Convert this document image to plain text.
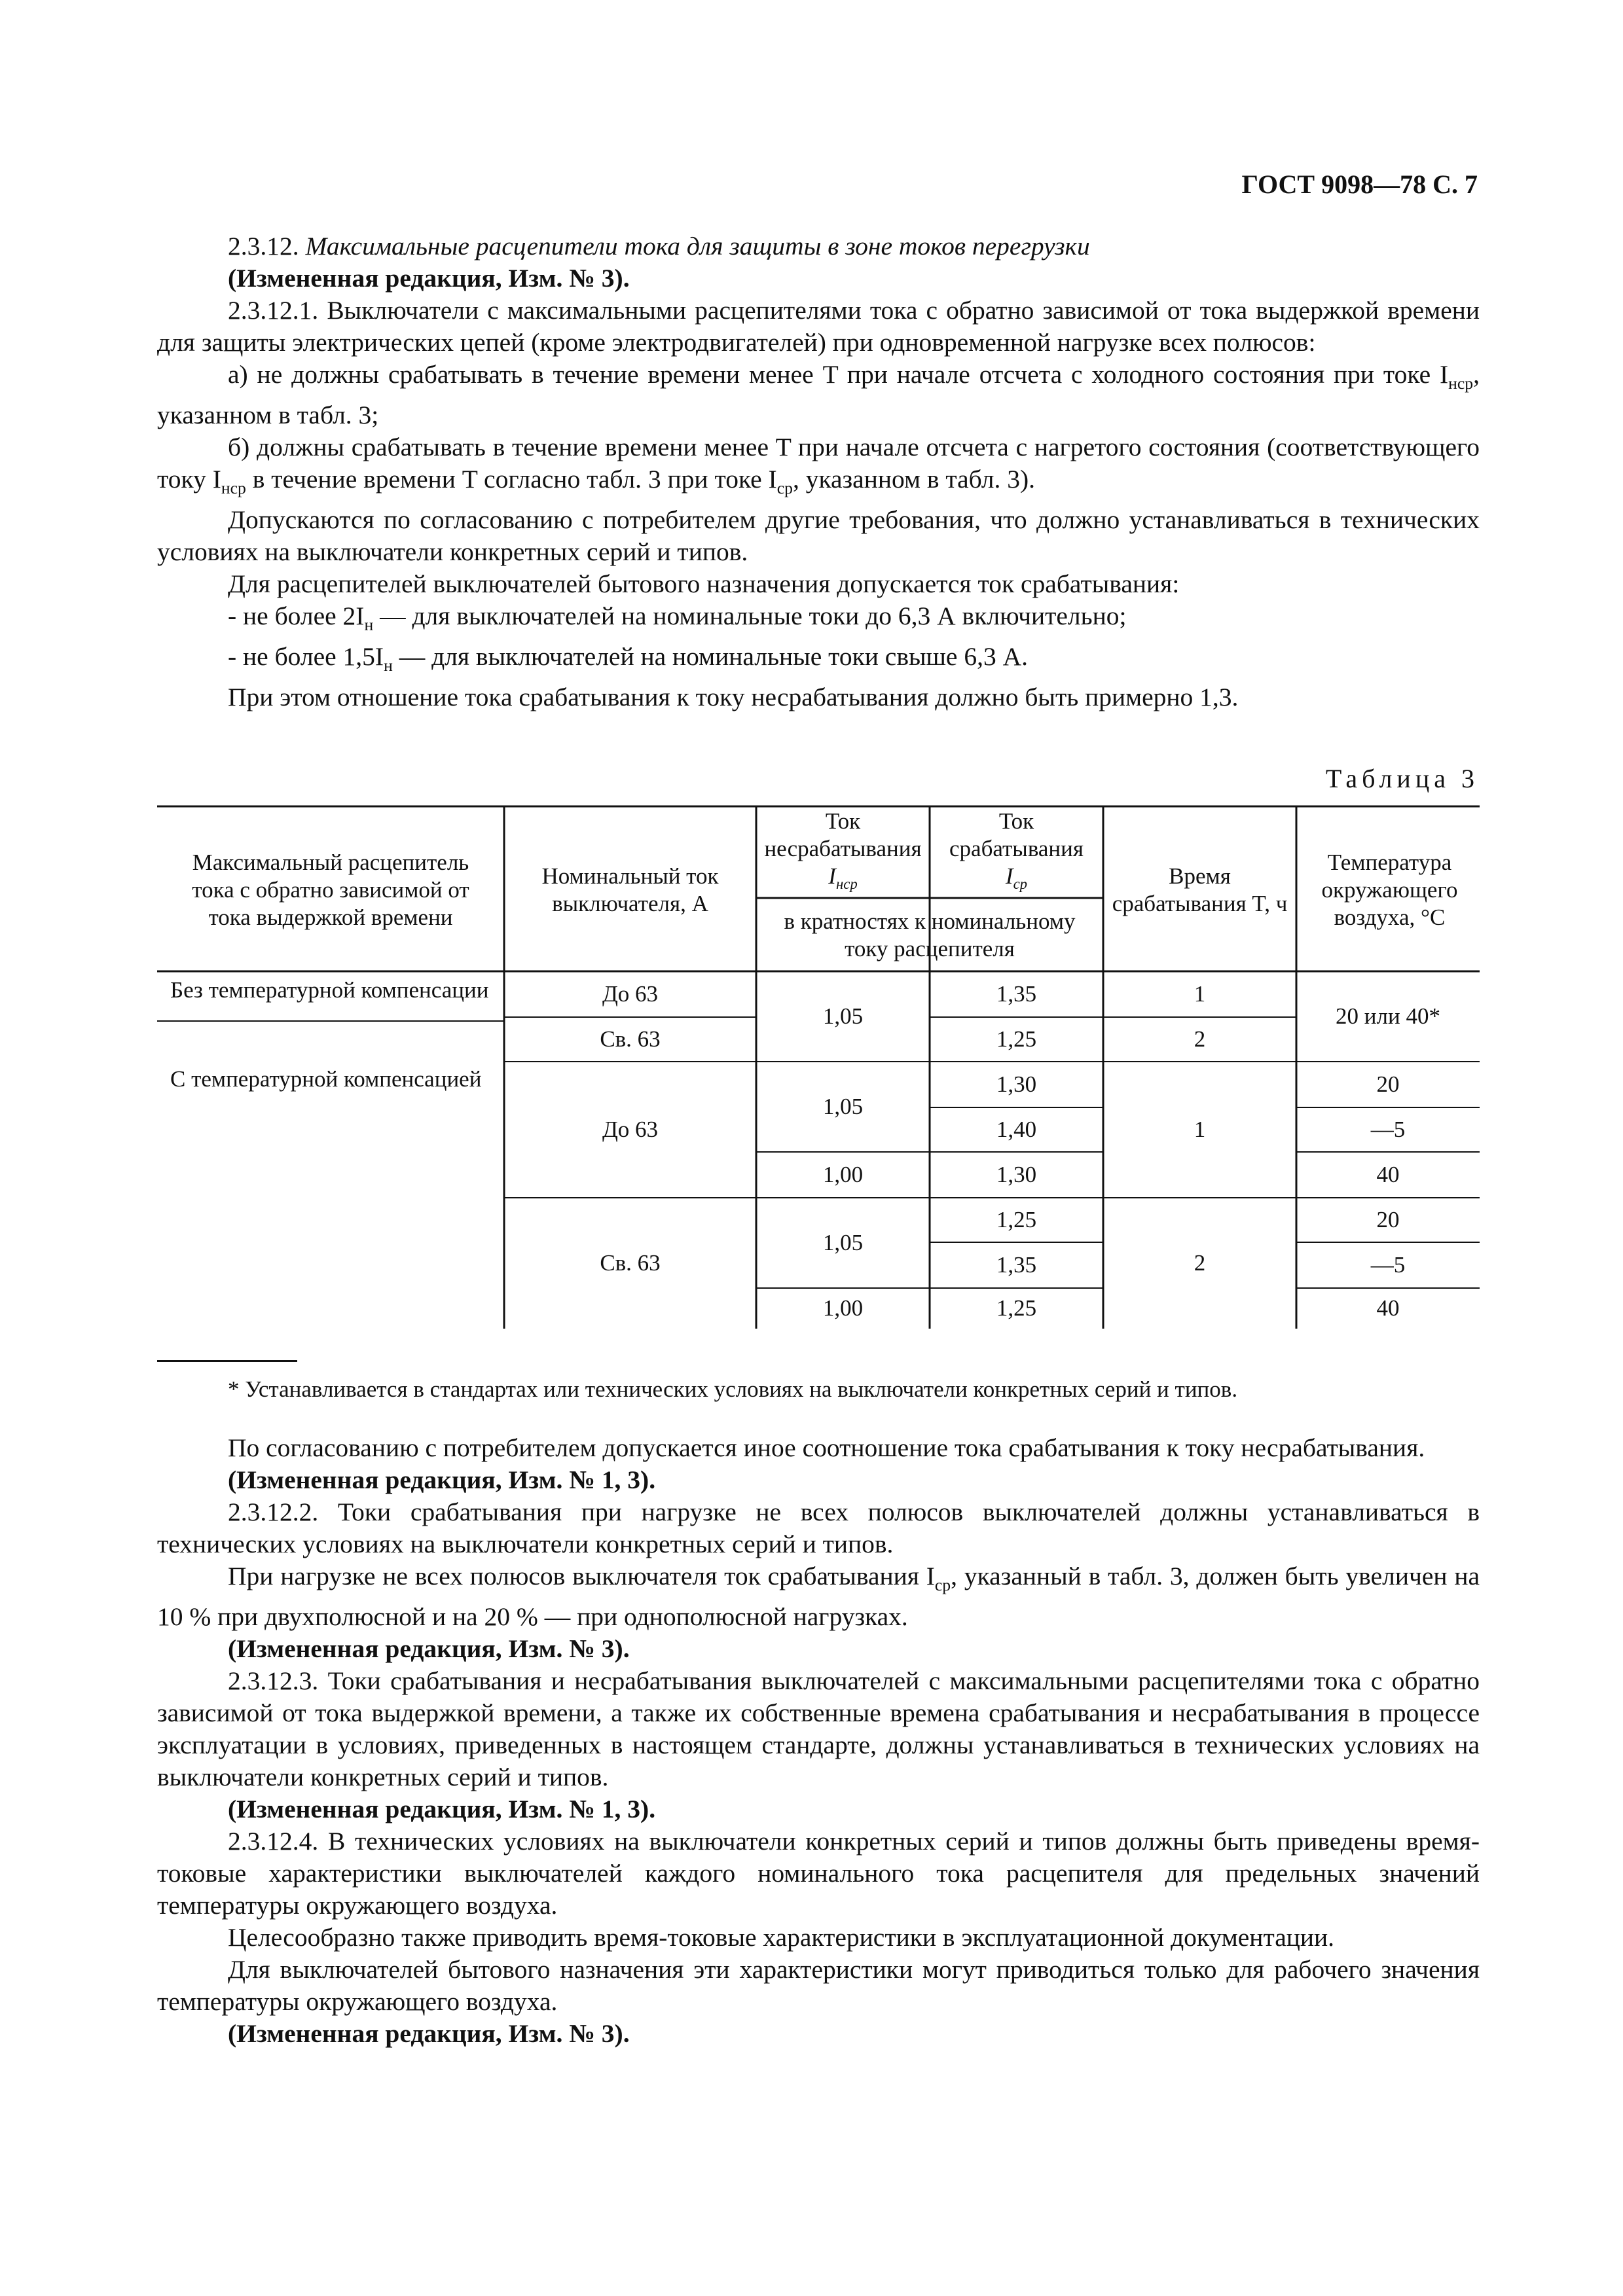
ГОСТ 9098—78 С. 7

2.3.12. Максимальные расцепители тока для защиты в зоне токов перегрузки

(Измененная редакция, Изм. № 3).

2.3.12.1. Выключатели с максимальными расцепителями тока с обратно зависимой от тока выдержкой времени для защиты электрических цепей (кроме электродвигателей) при одновременной нагрузке всех полюсов:

а) не должны срабатывать в течение времени менее T при начале отсчета с холодного состояния при токе $I_{нср}$, указанном в табл. 3;

б) должны срабатывать в течение времени менее T при начале отсчета с нагретого состояния (соответствующего току $I_{нср}$ в течение времени T согласно табл. 3 при токе $I_{ср}$, указанном в табл. 3).

Допускаются по согласованию с потребителем другие требования, что должно устанавливаться в технических условиях на выключатели конкретных серий и типов.

Для расцепителей выключателей бытового назначения допускается ток срабатывания:

- не более $2I_н$ — для выключателей на номинальные токи до 6,3 А включительно;

- не более $1,5I_н$ — для выключателей на номинальные токи свыше 6,3 А.

При этом отношение тока срабатывания к току несрабатывания должно быть примерно 1,3.

Таблица 3
Максимальный расцепитель тока с обратно зависимой от тока выдержкой времени
Номинальный ток выключателя, А
Ток несрабатывания
$I_{нср}$
Ток срабатывания
$I_{ср}$
в кратностях к номинальному току расцепителя
Время срабатывания T, ч
Температура окружающего воздуха, °С
Без температурной компенсации	До 63
Св. 63
1,05
1,35
1,25
1
2
20 или 40*
С температурной компенсацией
До 63
1,05
1,00
1,30
1,40
1,30
1
20
—5
40
Св. 63
1,05
1,00
1,25
1,35
1,25
2
20
—5
40
* Устанавливается в стандартах или технических условиях на выключатели конкретных серий и типов.

По согласованию с потребителем допускается иное соотношение тока срабатывания к току несрабатывания.

(Измененная редакция, Изм. № 1, 3).

2.3.12.2. Токи срабатывания при нагрузке не всех полюсов выключателей должны устанавливаться в технических условиях на выключатели конкретных серий и типов.

При нагрузке не всех полюсов выключателя ток срабатывания $I_{ср}$, указанный в табл. 3, должен быть увеличен на 10 % при двухполюсной и на 20 % — при однополюсной нагрузках.

(Измененная редакция, Изм. № 3).

2.3.12.3. Токи срабатывания и несрабатывания выключателей с максимальными расцепителями тока с обратно зависимой от тока выдержкой времени, а также их собственные времена срабатывания и несрабатывания в процессе эксплуатации в условиях, приведенных в настоящем стандарте, должны устанавливаться в технических условиях на выключатели конкретных серий и типов.

(Измененная редакция, Изм. № 1, 3).

2.3.12.4. В технических условиях на выключатели конкретных серий и типов должны быть приведены время-токовые характеристики выключателей каждого номинального тока расцепителя для предельных значений температуры окружающего воздуха.

Целесообразно также приводить время-токовые характеристики в эксплуатационной документации.

Для выключателей бытового назначения эти характеристики могут приводиться только для рабочего значения температуры окружающего воздуха.

(Измененная редакция, Изм. № 3).
